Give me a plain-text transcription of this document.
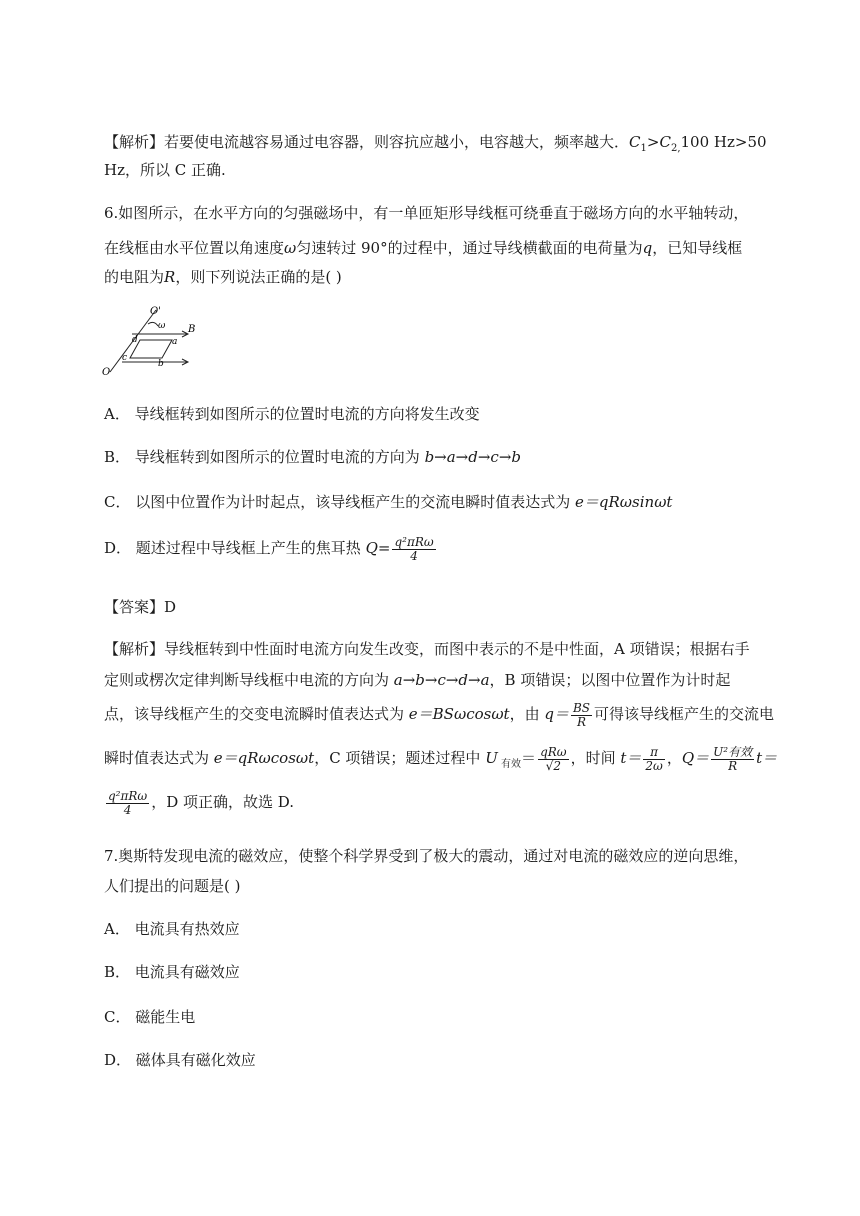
【解析】若要使电流越容易通过电容器，则容抗应越小，电容越大，频率越大．$C_1>C_{2,}100$ Hz>50
Hz，所以 C 正确.
6.如图所示，在水平方向的匀强磁场中，有一单匝矩形导线框可绕垂直于磁场方向的水平轴转动，
在线框由水平位置以角速度ω匀速转过 90°的过程中，通过导线横截面的电荷量为q，已知导线框
的电阻为R，则下列说法正确的是( )
O'
ω B
d	a
c
b
O
A． 导线框转到如图所示的位置时电流的方向将发生改变
B． 导线框转到如图所示的位置时电流的方向为 b→a→d→c→b
C． 以图中位置作为计时起点，该导线框产生的交流电瞬时值表达式为 e＝qRωsinωt
D． 题述过程中导线框上产生的焦耳热 $Q= \frac{\text{q²πRω}}{4}$
【答案】D
【解析】导线框转到中性面时电流方向发生改变，而图中表示的不是中性面，A 项错误；根据右手
定则或楞次定律判断导线框中电流的方向为 a→b→c→d→a，B 项错误；以图中位置作为计时起
点，该导线框产生的交变电流瞬时值表达式为 e＝BSωcosωt，由 $q= \frac{BS}{R}$ 可得该导线框产生的交流电
瞬时值表达式为 e＝qRωcosωt，C 项错误；题述过程中 U $_{有效}= \frac{\text{qRω}}{√2}$ ，时间 $t= \frac{\pi}{2\omega}$ ，$Q= \frac{\text{U²有效}}{R} t=$
$\frac{\text{q²πRω}}{4}$ ，D 项正确，故选 D.
7.奥斯特发现电流的磁效应，使整个科学界受到了极大的震动，通过对电流的磁效应的逆向思维，
人们提出的问题是( )
A． 电流具有热效应
B． 电流具有磁效应
C． 磁能生电
D． 磁体具有磁化效应
